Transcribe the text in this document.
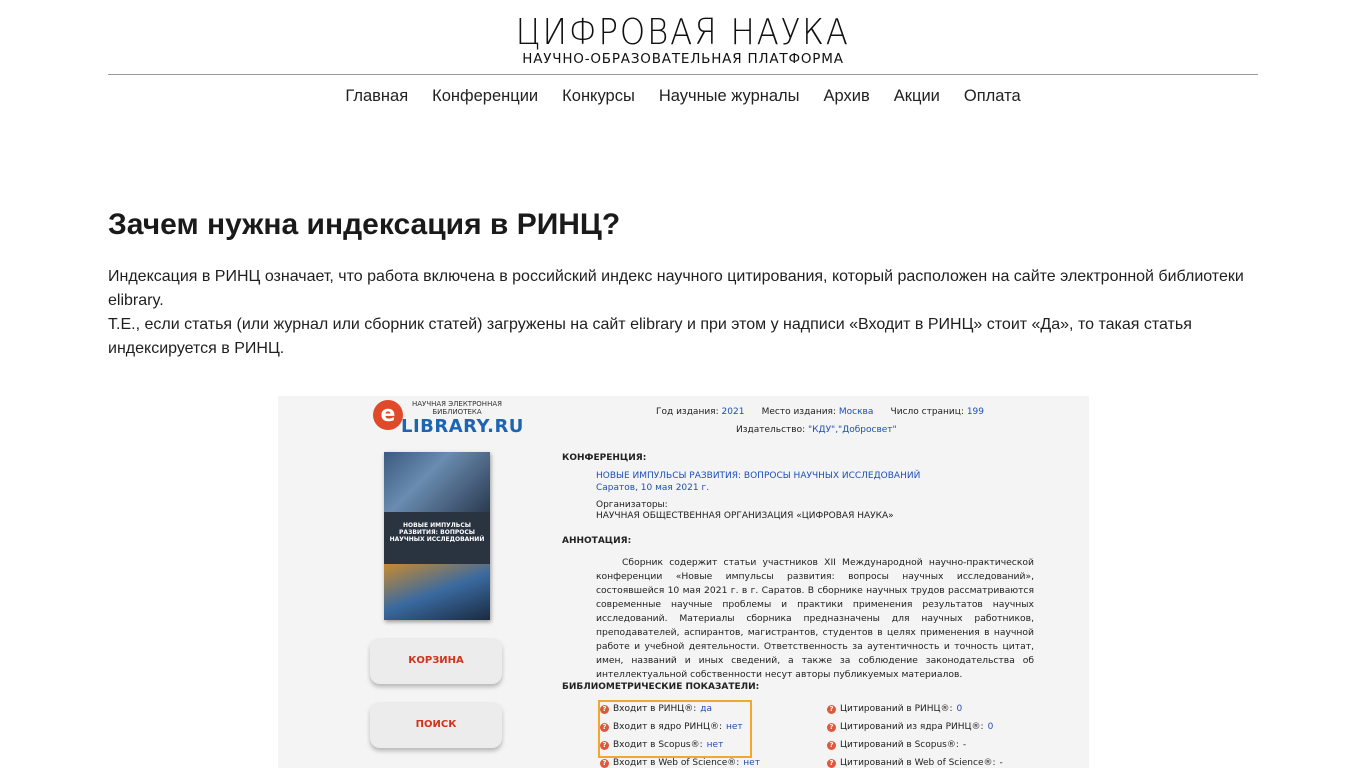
ЦИФРОВАЯ НАУКА
НАУЧНО-ОБРАЗОВАТЕЛЬНАЯ ПЛАТФОРМА
Главная Конференции Конкурсы Научные журналы Архив Акции Оплата
Зачем нужна индексация в РИНЦ?

Индексация в РИНЦ означает, что работа включена в российский индекс научного цитирования, который расположен на сайте электронной библиотеки elibrary.

Т.Е., если статья (или журнал или сборник статей) загружены на сайт elibrary и при этом у надписи «Входит в РИНЦ» стоит «Да», то такая статья индексируется в РИНЦ.

e	НАУЧНАЯ ЭЛЕКТРОННАЯ БИБЛИОТЕКА
LIBRARY.RU
НОВЫЕ ИМПУЛЬСЫ РАЗВИТИЯ: ВОПРОСЫ НАУЧНЫХ ИССЛЕДОВАНИЙ
КОРЗИНА
ПОИСК
Год издания: 2021 Место издания: Москва Число страниц: 199
Издательство: "КДУ","Добросвет"
КОНФЕРЕНЦИЯ:
НОВЫЕ ИМПУЛЬСЫ РАЗВИТИЯ: ВОПРОСЫ НАУЧНЫХ ИССЛЕДОВАНИЙ
Саратов, 10 мая 2021 г.
Организаторы:
НАУЧНАЯ ОБЩЕСТВЕННАЯ ОРГАНИЗАЦИЯ «ЦИФРОВАЯ НАУКА»
АННОТАЦИЯ:
Сборник содержит статьи участников XII Международной научно-практической конференции «Новые импульсы развития: вопросы научных исследований», состоявшейся 10 мая 2021 г. в г. Саратов. В сборнике научных трудов рассматриваются современные научные проблемы и практики применения результатов научных исследований. Материалы сборника предназначены для научных работников, преподавателей, аспирантов, магистрантов, студентов в целях применения в научной работе и учебной деятельности. Ответственность за аутентичность и точность цитат, имен, названий и иных сведений, а также за соблюдение законодательства об интеллектуальной собственности несут авторы публикуемых материалов.
БИБЛИОМЕТРИЧЕСКИЕ ПОКАЗАТЕЛИ:
? Входит в РИНЦ®: да
? Входит в ядро РИНЦ®: нет
? Входит в Scopus®: нет
? Входит в Web of Science®: нет
? Цитирований в РИНЦ®: 0
? Цитирований из ядра РИНЦ®: 0
? Цитирований в Scopus®: -
? Цитирований в Web of Science®: -
